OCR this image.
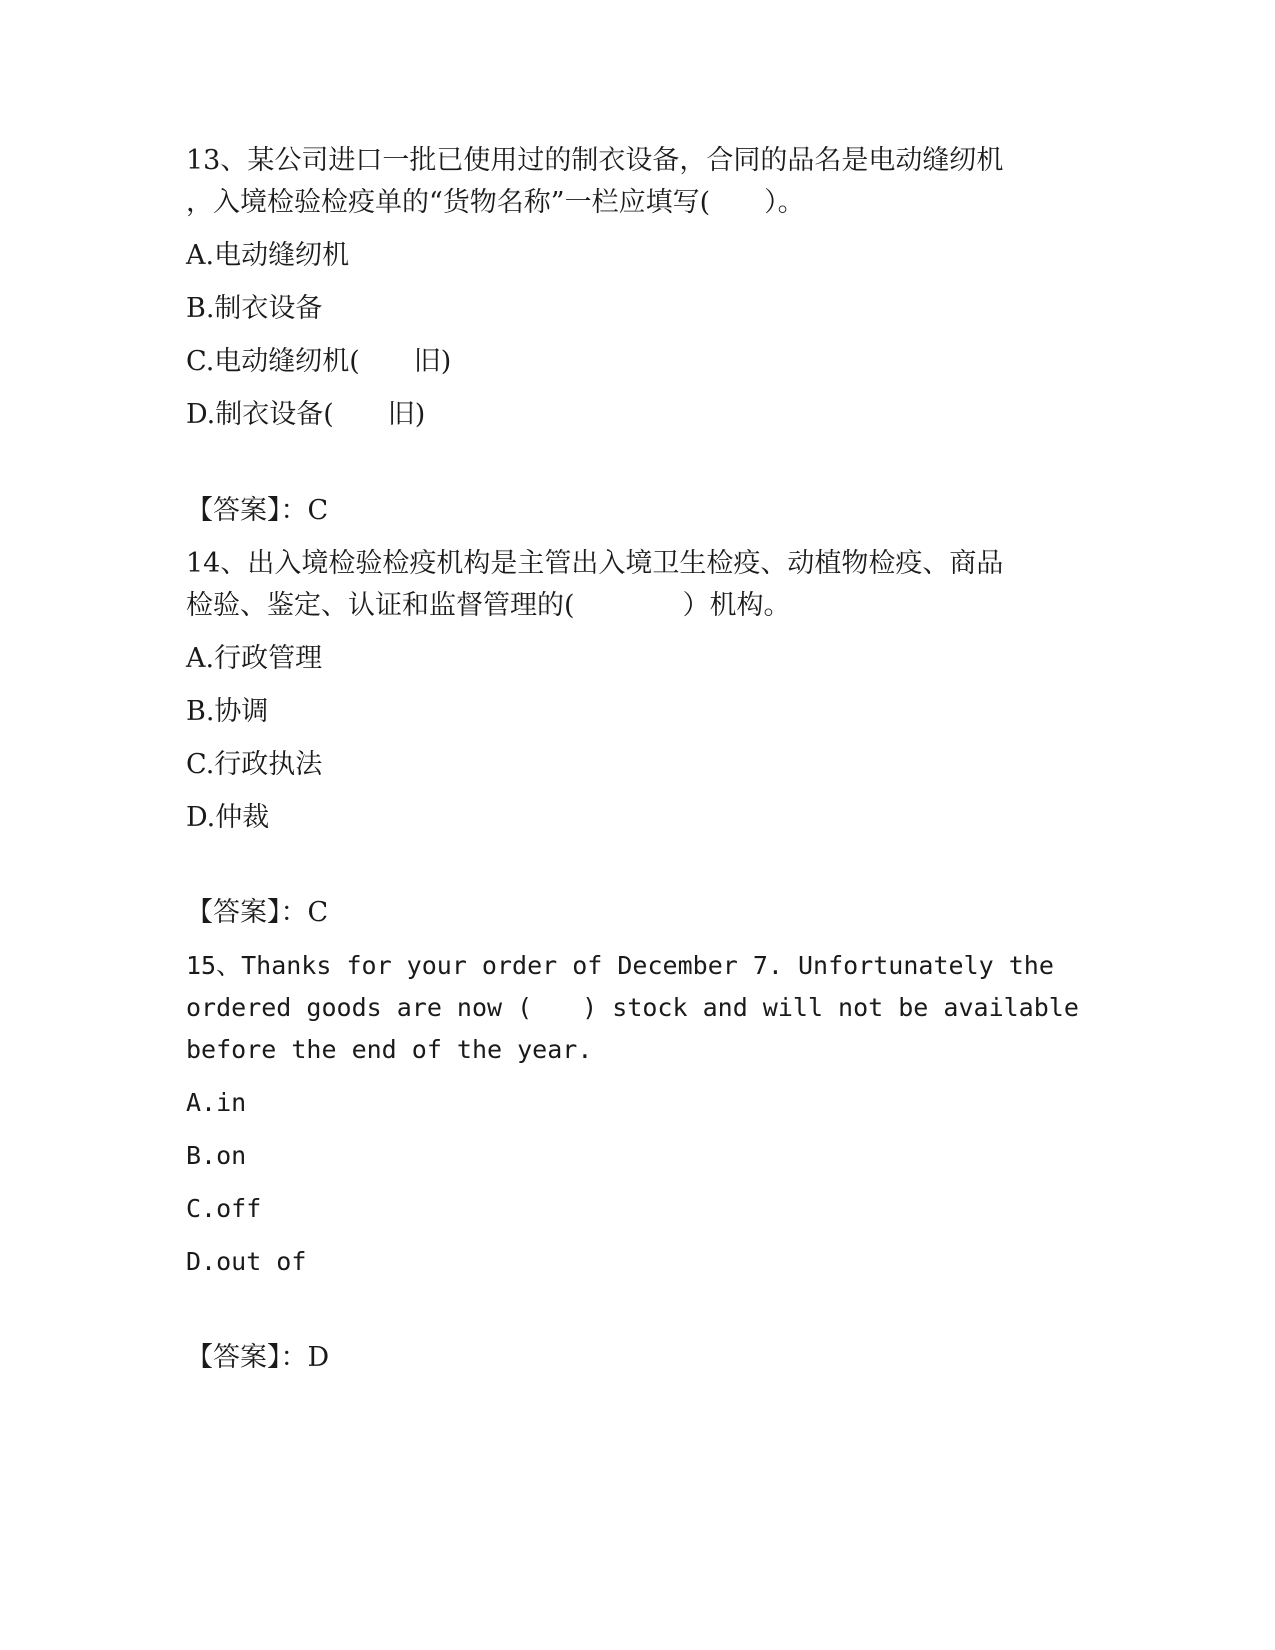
13、某公司进口一批已使用过的制衣设备，合同的品名是电动缝纫机
，入境检验检疫单的“货物名称”一栏应填写(　　）。
A.电动缝纫机
B.制衣设备
C.电动缝纫机(　　旧)
D.制衣设备(　　旧)
【答案】：C
14、出入境检验检疫机构是主管出入境卫生检疫、动植物检疫、商品
检验、鉴定、认证和监督管理的(　　　　）机构。
A.行政管理
B.协调
C.行政执法
D.仲裁
【答案】：C
15、Thanks for your order of December 7. Unfortunately the
ordered goods are now (　　) stock and will not be available
before the end of the year.
A.in
B.on
C.off
D.out of
【答案】：D
